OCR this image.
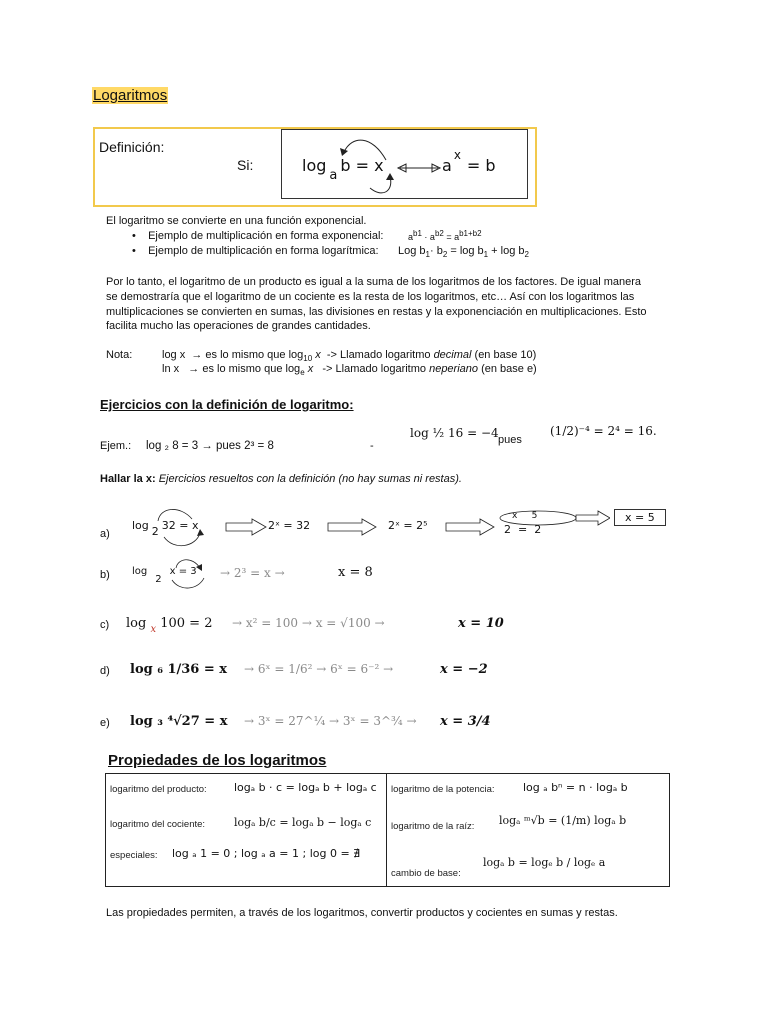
Logaritmos
Definición:
Si:	$\log_ab = x$	$a^x= b$
El logaritmo se convierte en una función exponencial.
•    Ejemplo de multiplicación en forma exponencial:	$a^{b1} \cdot a^{b2} = a^{b1+b2}$
•    Ejemplo de multiplicación en forma logarítmica: Log $b_1\cdot b_2 = \log b_1 + \log b_2$
Por lo tanto, el logaritmo de un producto es igual a la suma de los logaritmos de los factores. De igual manera
se demostraría que el logaritmo de un cociente es la resta de los logaritmos, etc… Así con los logaritmos las
multiplicaciones se convierten en sumas, las divisiones en restas y la exponenciación en multiplicaciones. Esto
facilita mucho las operaciones de grandes cantidades.
Nota:	log x → es lo mismo que $\log_{10} x$ -> Llamado logaritmo decimal (en base 10)
ln x → es lo mismo que $\log_e x$ -> Llamado logaritmo neperiano (en base e)
Ejercicios con la definición de logaritmo:
Ejem.: log ₂ 8 = 3 → pues 2³ = 8	-
log ½ 16 = −4 pues
(1/2)⁻⁴ = 2⁴ = 16.
Hallar la x: Ejercicios resueltos con la definición (no hay sumas ni restas).
a)
log 2 32 = x	2ˣ = 32	2ˣ = 2⁵
x     5
2  =  2
x = 5
b) log2x = 3 → 2³ = x →	x = 8
c) log $_x$ 100 = 2 → x² = 100 → x = √100 →	x = 10
d) log ₆ 1/36 = x → 6ˣ = 1/6² → 6ˣ = 6⁻² →	x = −2
e) log ₃ ⁴√27 = x → 3ˣ = 27^¼ → 3ˣ = 3^¾ → x = 3/4
Propiedades de los logaritmos
logaritmo del producto: logₐ b · c = logₐ b + logₐ c
logaritmo del cociente:	logₐ b/c = logₐ b − logₐ c
especiales: log ₐ 1 = 0 ; log ₐ a = 1 ; log 0 = ∄

logaritmo de la potencia:	log ₐ bⁿ = n · logₐ b
logaritmo de la raíz: logₐ ᵐ√b = (1/m) logₐ b
cambio de base:
logₐ b = logₑ b / logₑ a
Las propiedades permiten, a través de los logaritmos, convertir productos y cocientes en sumas y restas.
